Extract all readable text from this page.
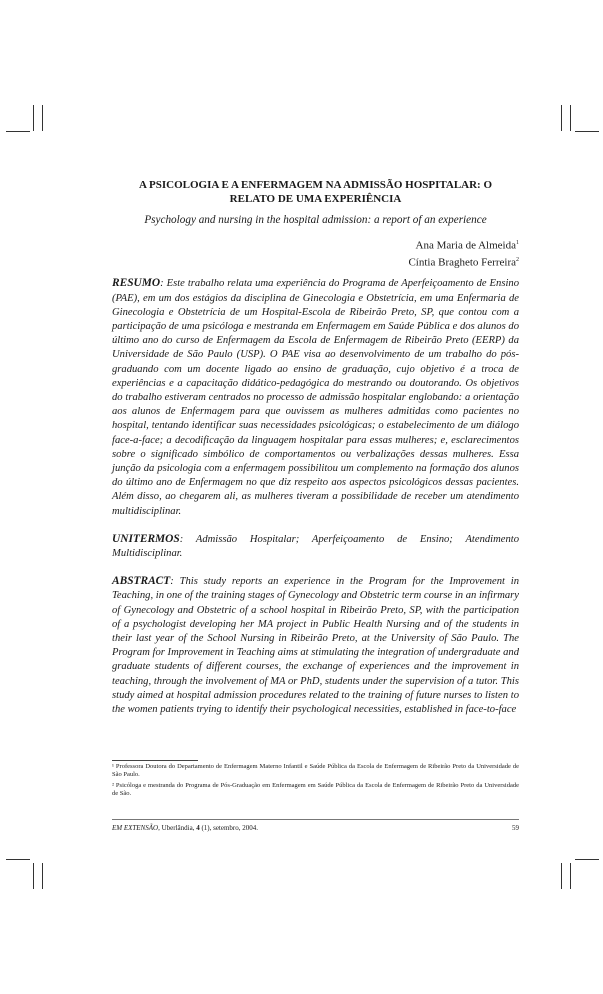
A PSICOLOGIA E A ENFERMAGEM NA ADMISSÃO HOSPITALAR: O
RELATO DE UMA EXPERIÊNCIA
Psychology and nursing in the hospital admission: a report of an experience
Ana Maria de Almeida$^1$
Cíntia Bragheto Ferreira$^2$

RESUMO: Este trabalho relata uma experiência do Programa de Aperfeiçoamento de Ensino (PAE), em um dos estágios da disciplina de Ginecologia e Obstetrícia, em uma Enfermaria de Ginecologia e Obstetrícia de um Hospital-Escola de Ribeirão Preto, SP, que contou com a participação de uma psicóloga e mestranda em Enfermagem em Saúde Pública e dos alunos do último ano do curso de Enfermagem da Escola de Enfermagem de Ribeirão Preto (EERP) da Universidade de São Paulo (USP). O PAE visa ao desenvolvimento de um trabalho do pós-graduando com um docente ligado ao ensino de graduação, cujo objetivo é a troca de experiências e a capacitação didático-pedagógica do mestrando ou doutorando. Os objetivos do trabalho estiveram centrados no processo de admissão hospitalar englobando: a orientação aos alunos de Enfermagem para que ouvissem as mulheres admitidas como pacientes no hospital, tentando identificar suas necessidades psicológicas; o estabelecimento de um diálogo face-a-face; a decodificação da linguagem hospitalar para essas mulheres; e, esclarecimentos sobre o significado simbólico de comportamentos ou verbalizações dessas mulheres. Essa junção da psicologia com a enfermagem possibilitou um complemento na formação dos alunos do último ano de Enfermagem no que diz respeito aos aspectos psicológicos dessas pacientes. Além disso, ao chegarem ali, as mulheres tiveram a possibilidade de receber um atendimento multidisciplinar.

UNITERMOS: Admissão Hospitalar; Aperfeiçoamento de Ensino; Atendimento Multidisciplinar.

ABSTRACT: This study reports an experience in the Program for the Improvement in Teaching, in one of the training stages of Gynecology and Obstetric term course in an infirmary of Gynecology and Obstetric of a school hospital in Ribeirão Preto, SP, with the participation of a psychologist developing her MA project in Public Health Nursing and of the students in their last year of the School Nursing in Ribeirão Preto, at the University of São Paulo. The Program for Improvement in Teaching aims at stimulating the integration of undergraduate and graduate students of different courses, the exchange of experiences and the improvement in teaching, through the involvement of MA or PhD, students under the supervision of a tutor. This study aimed at hospital admission procedures related to the training of future nurses to listen to the women patients trying to identify their psychological necessities, established in face-to-face

¹ Professora Doutora do Departamento de Enfermagem Materno Infantil e Saúde Pública da Escola de Enfermagem de Ribeirão Preto da Universidade de São Paulo.
² Psicóloga e mestranda do Programa de Pós-Graduação em Enfermagem em Saúde Pública da Escola de Enfermagem de Ribeirão Preto da Universidade de São.
EM EXTENSÃO, Uberlândia, 4 (1), setembro, 2004.	59
